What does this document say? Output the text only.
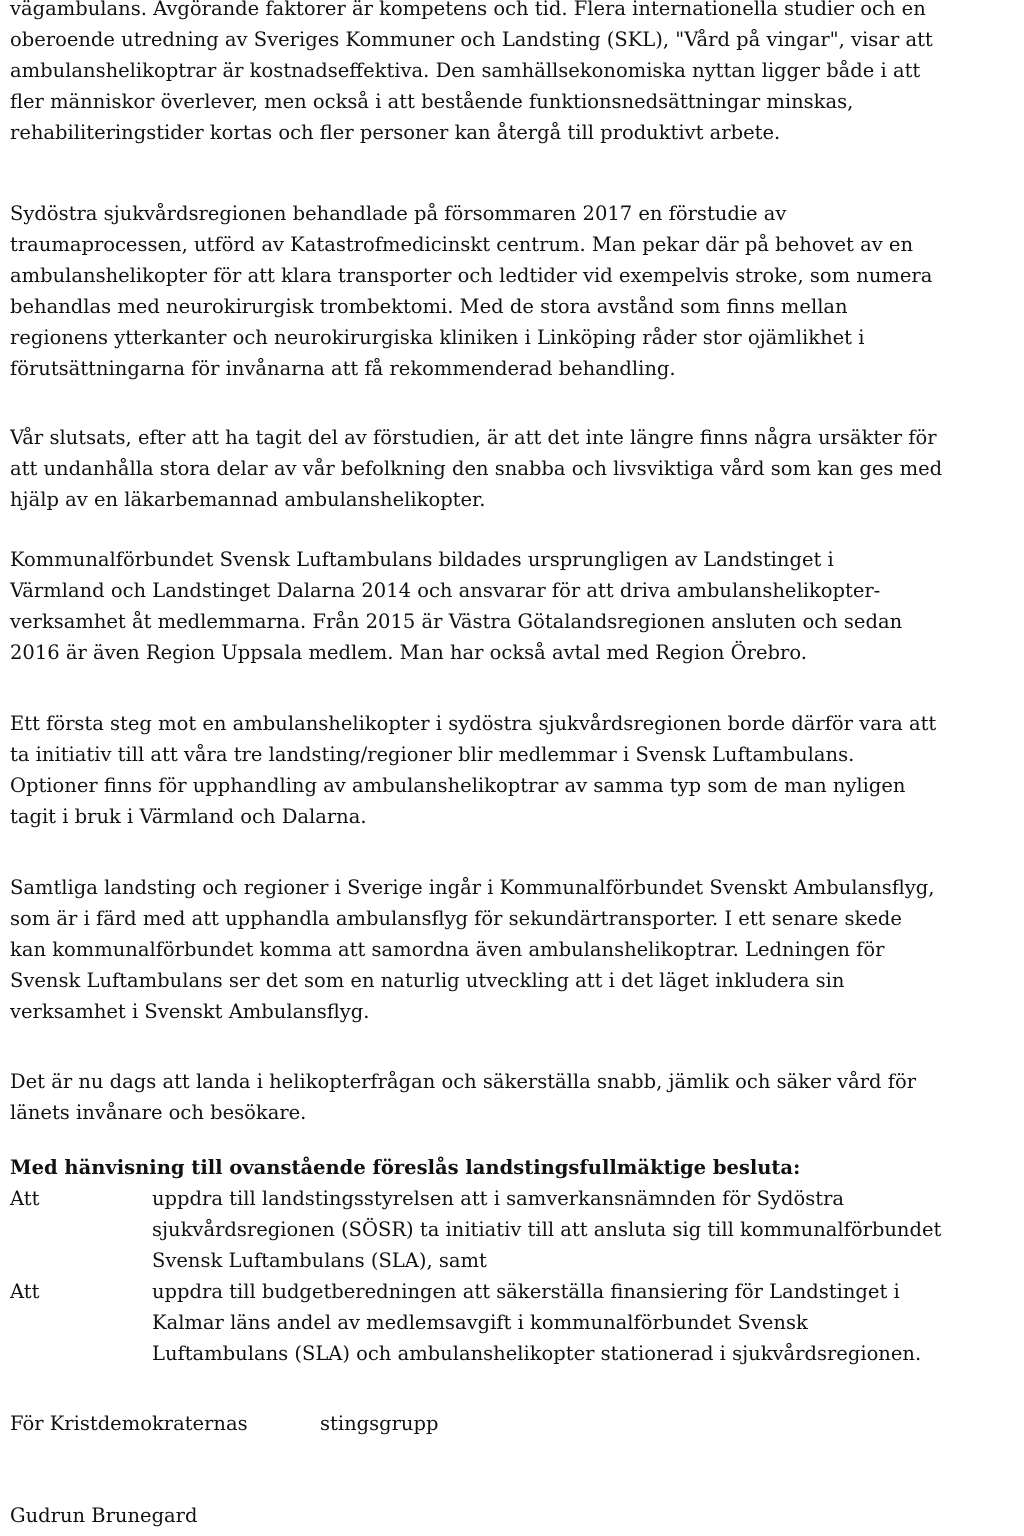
vägambulans. Avgörande faktorer är kompetens och tid. Flera internationella studier och en
oberoende utredning av Sveriges Kommuner och Landsting (SKL), "Vård på vingar", visar att
ambulanshelikoptrar är kostnadseffektiva. Den samhällsekonomiska nyttan ligger både i att
fler människor överlever, men också i att bestående funktionsnedsättningar minskas,
rehabiliteringstider kortas och fler personer kan återgå till produktivt arbete.

Sydöstra sjukvårdsregionen behandlade på försommaren 2017 en förstudie av
traumaprocessen, utförd av Katastrofmedicinskt centrum. Man pekar där på behovet av en
ambulanshelikopter för att klara transporter och ledtider vid exempelvis stroke, som numera
behandlas med neurokirurgisk trombektomi. Med de stora avstånd som finns mellan
regionens ytterkanter och neurokirurgiska kliniken i Linköping råder stor ojämlikhet i
förutsättningarna för invånarna att få rekommenderad behandling.

Vår slutsats, efter att ha tagit del av förstudien, är att det inte längre finns några ursäkter för
att undanhålla stora delar av vår befolkning den snabba och livsviktiga vård som kan ges med
hjälp av en läkarbemannad ambulanshelikopter.

Kommunalförbundet Svensk Luftambulans bildades ursprungligen av Landstinget i
Värmland och Landstinget Dalarna 2014 och ansvarar för att driva ambulanshelikopter-
verksamhet åt medlemmarna. Från 2015 är Västra Götalandsregionen ansluten och sedan
2016 är även Region Uppsala medlem. Man har också avtal med Region Örebro.

Ett första steg mot en ambulanshelikopter i sydöstra sjukvårdsregionen borde därför vara att
ta initiativ till att våra tre landsting/regioner blir medlemmar i Svensk Luftambulans.
Optioner finns för upphandling av ambulanshelikoptrar av samma typ som de man nyligen
tagit i bruk i Värmland och Dalarna.

Samtliga landsting och regioner i Sverige ingår i Kommunalförbundet Svenskt Ambulansflyg,
som är i färd med att upphandla ambulansflyg för sekundärtransporter. I ett senare skede
kan kommunalförbundet komma att samordna även ambulanshelikoptrar. Ledningen för
Svensk Luftambulans ser det som en naturlig utveckling att i det läget inkludera sin
verksamhet i Svenskt Ambulansflyg.

Det är nu dags att landa i helikopterfrågan och säkerställa snabb, jämlik och säker vård för
länets invånare och besökare.

Med hänvisning till ovanstående föreslås landstingsfullmäktige besluta:
Att	uppdra till landstingsstyrelsen att i samverkansnämnden för Sydöstra
sjukvårdsregionen (SÖSR) ta initiativ till att ansluta sig till kommunalförbundet
Svensk Luftambulans (SLA), samt
Att	uppdra till budgetberedningen att säkerställa finansiering för Landstinget i
Kalmar läns andel av medlemsavgift i kommunalförbundet Svensk
Luftambulans (SLA) och ambulanshelikopter stationerad i sjukvårdsregionen.
För Kristdemokraternas	stingsgrupp
Gudrun Brunegard
